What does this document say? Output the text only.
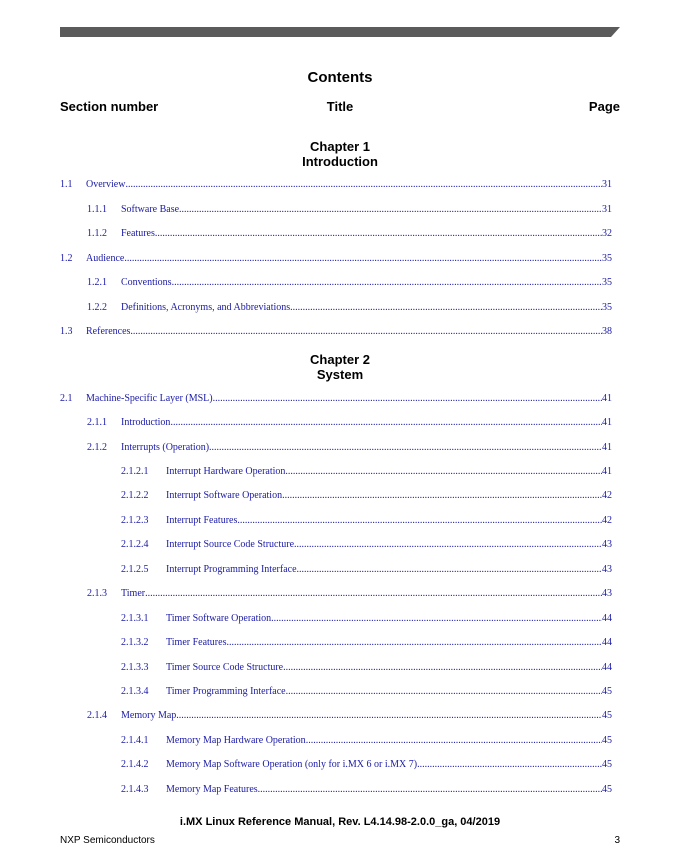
Contents
Section number	Title	Page
Chapter 1
Introduction
Chapter 2
System
1.1 Overview .....	31
1.1.1 Software Base .....	31
1.1.2 Features .....	32
1.2 Audience .....	35
1.2.1 Conventions .....	35
1.2.2 Definitions, Acronyms, and Abbreviations .....	35
1.3 References .....	38
2.1 Machine-Specific Layer (MSL) .....	41
2.1.1 Introduction .....	41
2.1.2 Interrupts (Operation) .....	41
2.1.2.1 Interrupt Hardware Operation .....	41
2.1.2.2 Interrupt Software Operation .....	42
2.1.2.3 Interrupt Features .....	42
2.1.2.4 Interrupt Source Code Structure .....	43
2.1.2.5 Interrupt Programming Interface .....	43
2.1.3 Timer .....	43
2.1.3.1 Timer Software Operation .....	44
2.1.3.2 Timer Features .....	44
2.1.3.3 Timer Source Code Structure .....	44
2.1.3.4 Timer Programming Interface .....	45
2.1.4 Memory Map .....	45
2.1.4.1 Memory Map Hardware Operation .....	45
2.1.4.2 Memory Map Software Operation (only for i.MX 6 or i.MX 7) .....	45
2.1.4.3 Memory Map Features .....	45
i.MX Linux Reference Manual, Rev. L4.14.98-2.0.0_ga, 04/2019
NXP Semiconductors	3
